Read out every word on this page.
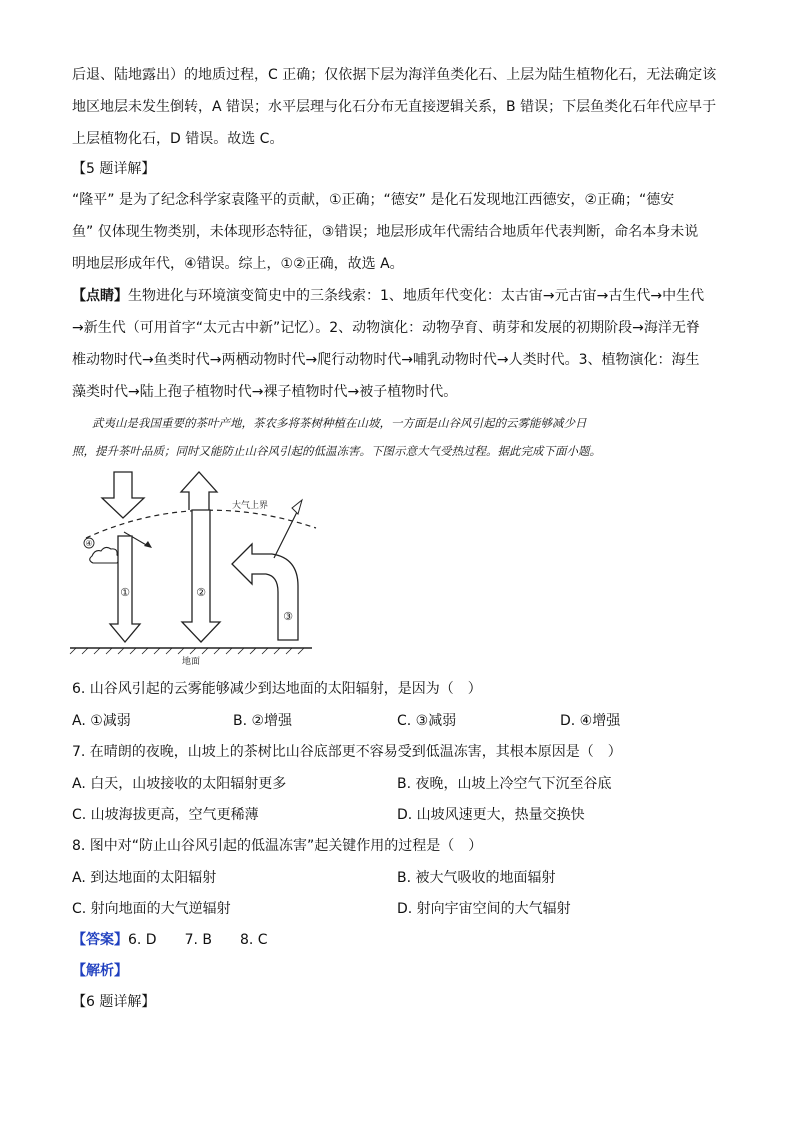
后退、陆地露出）的地质过程，C 正确；仅依据下层为海洋鱼类化石、上层为陆生植物化石，无法确定该
地区地层未发生倒转，A 错误；水平层理与化石分布无直接逻辑关系，B 错误；下层鱼类化石年代应早于
上层植物化石，D 错误。故选 C。
【5 题详解】
“隆平” 是为了纪念科学家袁隆平的贡献，①正确；“德安” 是化石发现地江西德安，②正确；“德安
鱼” 仅体现生物类别，未体现形态特征，③错误；地层形成年代需结合地质年代表判断，命名本身未说
明地层形成年代，④错误。综上，①②正确，故选 A。
【点睛】生物进化与环境演变简史中的三条线索：1、地质年代变化：太古宙→元古宙→古生代→中生代
→新生代（可用首字“太元古中新”记忆）。2、动物演化：动物孕育、萌芽和发展的初期阶段→海洋无脊
椎动物时代→鱼类时代→两栖动物时代→爬行动物时代→哺乳动物时代→人类时代。3、植物演化：海生
藻类时代→陆上孢子植物时代→裸子植物时代→被子植物时代。
武夷山是我国重要的茶叶产地，茶农多将茶树种植在山坡，一方面是山谷风引起的云雾能够减少日
照，提升茶叶品质；同时又能防止山谷风引起的低温冻害。下图示意大气受热过程。据此完成下面小题。
大气上界
④
①	②
③
地面
6. 山谷风引起的云雾能够减少到达地面的太阳辐射，是因为（　）
A. ①减弱	B. ②增强	C. ③减弱	D. ④增强
7. 在晴朗的夜晚，山坡上的茶树比山谷底部更不容易受到低温冻害，其根本原因是（　）
A. 白天，山坡接收的太阳辐射更多	B. 夜晚，山坡上冷空气下沉至谷底
C. 山坡海拔更高，空气更稀薄	D. 山坡风速更大，热量交换快
8. 图中对“防止山谷风引起的低温冻害”起关键作用的过程是（　）
A. 到达地面的太阳辐射	B. 被大气吸收的地面辐射
C. 射向地面的大气逆辐射	D. 射向宇宙空间的大气辐射
【答案】6. D　　7. B　　8. C
【解析】
【6 题详解】
